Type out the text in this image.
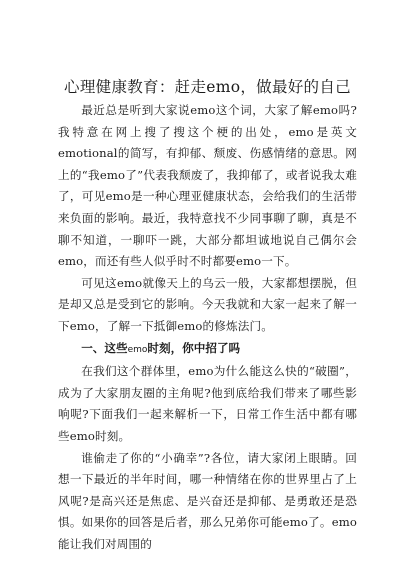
心理健康教育：赶走emo，做最好的自己

最近总是听到大家说emo这个词，大家了解emo吗?我特意在网上搜了搜这个梗的出处，emo是英文emotional的简写，有抑郁、颓废、伤感情绪的意思。网上的“我emo了”代表我颓废了，我抑郁了，或者说我太难了，可见emo是一种心理亚健康状态，会给我们的生活带来负面的影响。最近，我特意找不少同事聊了聊，真是不聊不知道，一聊吓一跳，大部分都坦诚地说自己偶尔会emo，而还有些人似乎时不时都要emo一下。

可见这emo就像天上的乌云一般，大家都想摆脱，但是却又总是受到它的影响。今天我就和大家一起来了解一下emo，了解一下抵御emo的修炼法门。

一、这些emo时刻，你中招了吗

在我们这个群体里，emo为什么能这么快的“破圈”，成为了大家朋友圈的主角呢?他到底给我们带来了哪些影响呢?下面我们一起来解析一下，日常工作生活中都有哪些emo时刻。

谁偷走了你的“小确幸”?各位，请大家闭上眼睛。回想一下最近的半年时间，哪一种情绪在你的世界里占了上风呢?是高兴还是焦虑、是兴奋还是抑郁、是勇敢还是恐惧。如果你的回答是后者，那么兄弟你可能emo了。emo能让我们对周围的
